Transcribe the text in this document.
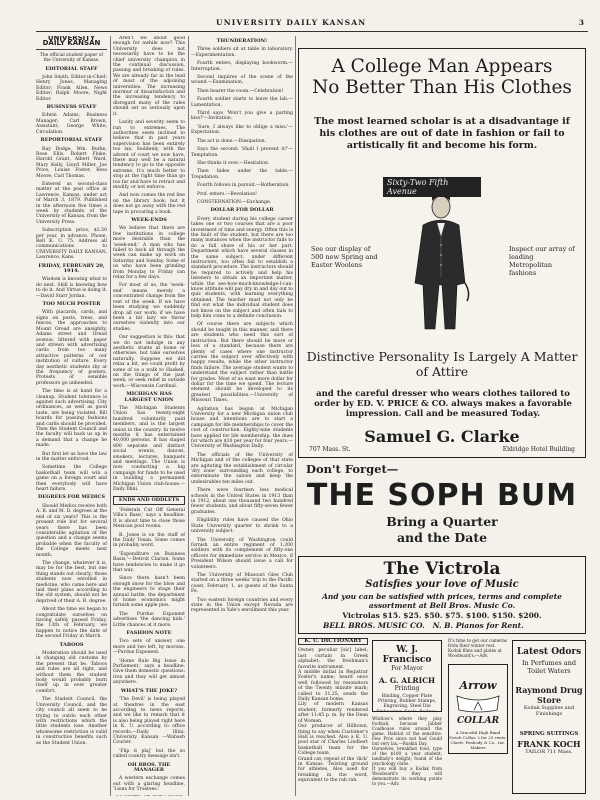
UNIVERSITY DAILY KANSAN	3
UNIVERSITY DAILY KANSAN

The official student paper of the University of Kansas.

EDITORIAL STAFF

John Smith, Editor-in-Chief; Henry Jones, Managing Editor; Frank Allen, News Editor; Ralph Moore, Night Editor.

BUSINESS STAFF

Edwin Adams, Business Manager; Carl Brown, Assistant; George White, Circulation.

REPORTORIAL STAFF

Ray Dodge, Wm. Burke, Rose Ellis, Robert Fluke, Harold Grant, Albert Ward, Mary Kelly, Lloyd Miller, Joe Price, Louise Foster, Bess Moore, Carl Thomas.

Entered as second-class matter at the post office at Lawrence, Kansas, under act of March 3, 1879. Published in the afternoon five times a week by students of the University of Kansas, from the University Press.

Subscription price, $2.50 per year, in advance. Phone, Bell K. U. 75. Address all communications to UNIVERSITY DAILY KANSAN, Lawrence, Kans.

FRIDAY, FEBRUARY 20, 1914.

Wisdom is knowing what to do next. Skill is knowing how to do it. And Virtue is doing it.—David Starr Jordan.

TOO MUCH POSTER

With placards, cards, and signs on posts, trees, and fences, the approaches to Mount Oread are unsightly. Adams street and Oread avenue, littered with paper and strewn with advertising cards from too many attractive patterns of our institution of culture. Every day aesthetic students shy at the frequency of posters. Protests of sensible professors go unheeded.

The time is at hand for a cleanup. Student tolerance is against such advertising. City ordinances, as well as good taste, are being violated. Bill boards for passing fashions and cards should be provided. Then the Student Council and the faculty will back us up in a demand that a change be made.

But first let us have the law in the matter enforced.

Sometime the College basketball team will win a game on a foreign court and then everybody will have heart failure.

DEGREES FOR MEDICS

Should Medics receive both A. B. and M. D. degrees at the end of six years? This is the present rule but for several years there has been considerable agitation of the question and a change seems probable when the faculty of the College meets next month.

The change, whatever it is, may be for the best, but one thing stands out clearly; those students now enrolled in medicine, who came here and laid their plans according to the old system, should not be deprived of their A. B. degree.

About the time we began to congratulate ourselves on having safely passed Friday, the 13th of February, we happen to notice the date of the second Friday in March.

TABOOS

Moderation should be used in changing old customs by the present that be. Taboos and rules are all right, and without them the student body would probably burn itself up in ever greater comfort.

The Student Council, the University Council, and the city council all seem to be trying to outdo each other with restrictions which the little students lose. Another wholesome restriction is valid in constructive benefits such as the Student Union.

Aren't we about good enough for awhile now? This University does not necessarily have to be the chief university champion in the continual discussion, passing and breaking of rules. We are already far in the lead of most of the adjoining universities. The increasing murmur of dissatisfaction and the increasing tendency to disregard many of the rules should set us seriously upon it.

Laxity and severity seem to run to extremes. The authorities seem inclined to believe that in past years supervision has been entirely too lax. Suddenly, with the advent of court we now have, there may well be a natural tendency to go to the opposite extreme. It's much better to stop at the right time than go too far and have to retract and modify, or not enforce.

And now comes the red line on the library book; but it does not go away with the red tape in procuring a book.

WEEK-ENDS

We believe that there are few institutions in college more desirable than the 'week-end.' A man who has failed to back all through the week can make up work on Saturday and Sunday. Some of us who have been grinding from Monday to Friday can relax for a few days.

For most of us, the 'week-end' means merely a concentrated change from the rest of the week. If we have been studying we suddenly drop all our work; if we have been a bit lazy we throw ourselves violently into our studies.

Our suggestion is this: that we do not indulge in any aesthetic stunts at home or otherwise, but take ourselves naturally. Suppose we did relax a bit, we could profit by some of us a walk to Haskell, on the things of the past week, or seek relief in outside work.—Wisconsin Cardinal.

MICHIGAN HAS LARGEST UNION

The Michigan Students Union has twenty-eight hundred voluntarily paid members, and is the largest union in the country. In twelve months it has entertained 40,000 persons. It has staged 800 separate and distinct social events, dances, smokers, lectures, banquets and meetings. The Union is now conducting a big campaign for funds to be used in building a permanent Michigan Union club-house.—Daily Illini.

ENDS AND ODDLETS

'Federals Cut Off General Villa's Base,' says a headline. It is about time to close those Mexican pool rooms.

B. Jones is on the staff of the Daily Texan. Some comes in probably word.

'Expenditure on Business Basis,'—Detroit Clarion. Some have tendencies to make it go that way.

Since there hasn't been enough snow for the blow and the engineers to stage their annual battle, the department of home economics might furnish some apple pies.

The Purdue Exponent advertises 'the dancing kids.' Little chances at it more.

FASHION NOTE

Two sets of answer, one more and two left, by morons.—Purdue Exponent.

'Home Rule Big Issue in Parliament,' says a headline. Give them domestic questions: iron and they will get almost anywhere.

WHAT'S THE JOKE?

'The Devil' is being played at theatres in the east according to news reports, and we like to remark that it is also being played right here in K. U. according to office records.—Daily Illini. University Kansan —Wabash Courier.

'Flip it plaj' but the so called country message isn't.

OH BROS. THE MANAGER

A western exchange comes out with a glaring headline, 'Lions for Trustees.'

THUNDERATION!

Three soldiers sit at table in laboratory.—Experimentation.

Fourth enters, displaying bookworm.—Interruption.

Second inquires of the scene of the wound.—Examination.

Then hearer the room.—Celebration!

Fourth soldier starts to leave the lab.—Lamentation.

Third says 'Won't you give a parting kiss?'—Invitation.

'Sure, I always like to oblige a miss.'—Expectation.

The act is done.—Dissipation.

Says the second: 'Shall I prevent it?'—Temptation.

She thinks it over.—Hesitation.

Then hides under the table.—Trepidation.

Fourth follows in pursuit.—Botheration.

Prof. enters.—Revelation!

CONSTERNATION.—Exchange.

DOLLAR FOR DOLLAR

Every student during his college career takes one or two courses that are a poor investment of time and energy. Often this is the fault of the student, but there are too many instances when the instructor fails to do a full share of his or her part. Department which have several classes in the same subject, under different instructors, too often fail to establish a standard procedure. The instructors should be required to actively and help his listeners to obtain an important matter, while the see-how-much-knowledge-I-can-know attitude will pay dry in and day out to quiz students, with learning everything obtained. The teacher must not only be find out what the individual student does not know on the subject and often fails to help him come to a definite conclusion.

Of course there are subjects which should be taught in this manner, and there are students who need this sort of instruction. But there should be more or less of a standard, because there are plenty of cases where one instructor carries the subject over effectively with happy results, while the other instructor finds failure. The average student wants to understand the subject rather than battle for grades. Most of us want more dollar for dollar for the time we spend. The lecture element should be developed to its greatest possibilities.—University of Missouri Times.

Agitation has begun at Michigan University for a new Michigan union club house and intentions are to start a campaign for life memberships to cover the cost of construction. Eighty-nine students have applied for life membership, the dues for which are $10 per year for four years.—University of Washington Daily.

The officials of the University of Michigan and of the colleges of that state are agitating the establishment of circular 'dry zone' surrounding each college, to exterminate the saloon and keep the undesirables ten miles out.

There were fourteen less medical schools in the United States in 1913 than in 1912, about one thousand two hundred fewer students, and about fifty-seven fewer graduates.

Eligibility rules have caused the Ohio State University quarter to shrink to a university subject.

The University of Washington could furnish an entire regiment of 1,200 soldiers with its complement of fifty-one officers for immediate service in Mexico, if President Wilson should issue a call for volunteers.

The University of Missouri Glee Club started on a three weeks' trip to the Pacific coast, February 1, as guests of the Santa Fe.

Two eastern foreign countries and every state in the Union except Nevada are represented in Yale's enrollment this year.

A College Man Appears
No Better Than His Clothes
The most learned scholar is at a disadvantage if his clothes are out of date in fashion or fail to artistically fit and become his form.
Sixty-Two Fifth Avenue
See our display of 500 new Spring and Easter Woolens
Inspect our array of leading Metropolitan fashions
Distinctive Personality Is Largely A Matter of Attire
and the careful dresser who wears clothes tailored to order by ED. V. PRICE & CO. always makes a favorable impression. Call and be measured Today.
Samuel G. Clarke
707 Mass. St.	Eldridge Hotel Building
Don't Forget—
THE SOPH BUM
Bring a Quarter
and the Date
The Victrola
Satisfies your love of Music
And you can be satisfied with prices, terms and complete assortment at Bell Bros. Music Co.
Victrolas $15. $25. $50. $75. $100. $150. $200.
BELL BROS. MUSIC CO. N. B. Pianos for Rent.
K. U. DICTIONARY

Owner, peculiar [sic] label; last curtain in Greek alphabet; the freshman's favorite instrument.

A middle initial in Registrar Foster's name; heard once well followed by resonators of the Twenty minute mark; called to 31.25, sends the Daily Kansan home.

Lily of modern Kansas student; formerly rendered after 11:45 p. m. by the Dean of Women.

Our producer of Hilltown, thing to say when Customer's Hall is reached. Also a K. U. pool star of Charles Lindbert basketball team for the College team.

Grand cat; repeat of the 'dick' in Kansas. Twisting ground for athletes, Also used for breaking in the word, equivalent to the rah rah.

W. J. Francisco
For Mayor
A. G. ALRICH
Printing
Binding, Copper Plate Printing, Rubber Stamps, Engraving, Steel Die

Whitlow's where they play football, because Jabber Coalhouse rules around the game. Habitat of the sensitive. Few Pros since not had Gould but very lax.—Ruskin Day.

Ourselves; breakfast food, type of the $100 a year student; landlady's delight; found of the psychology clubs.

If you will buy a Kodak from Woodward's they will demonstrate its working points to you.—Adv.

It's time to get our cameras from their winter rest. Kodak films and plates at Woodward's.—Adv.
Arrow
COLLAR
A Graceful High Band Notch Collar, 2 for 25 cents. Cluett, Peabody & Co., Inc. Makers
Latest Odors
In Perfumes and Toilet Waters
Raymond Drug Store
Kodak Supplies and Finishings
SPRING SUITINGS
FRANK KOCH
TAILOR 711 Mass.
